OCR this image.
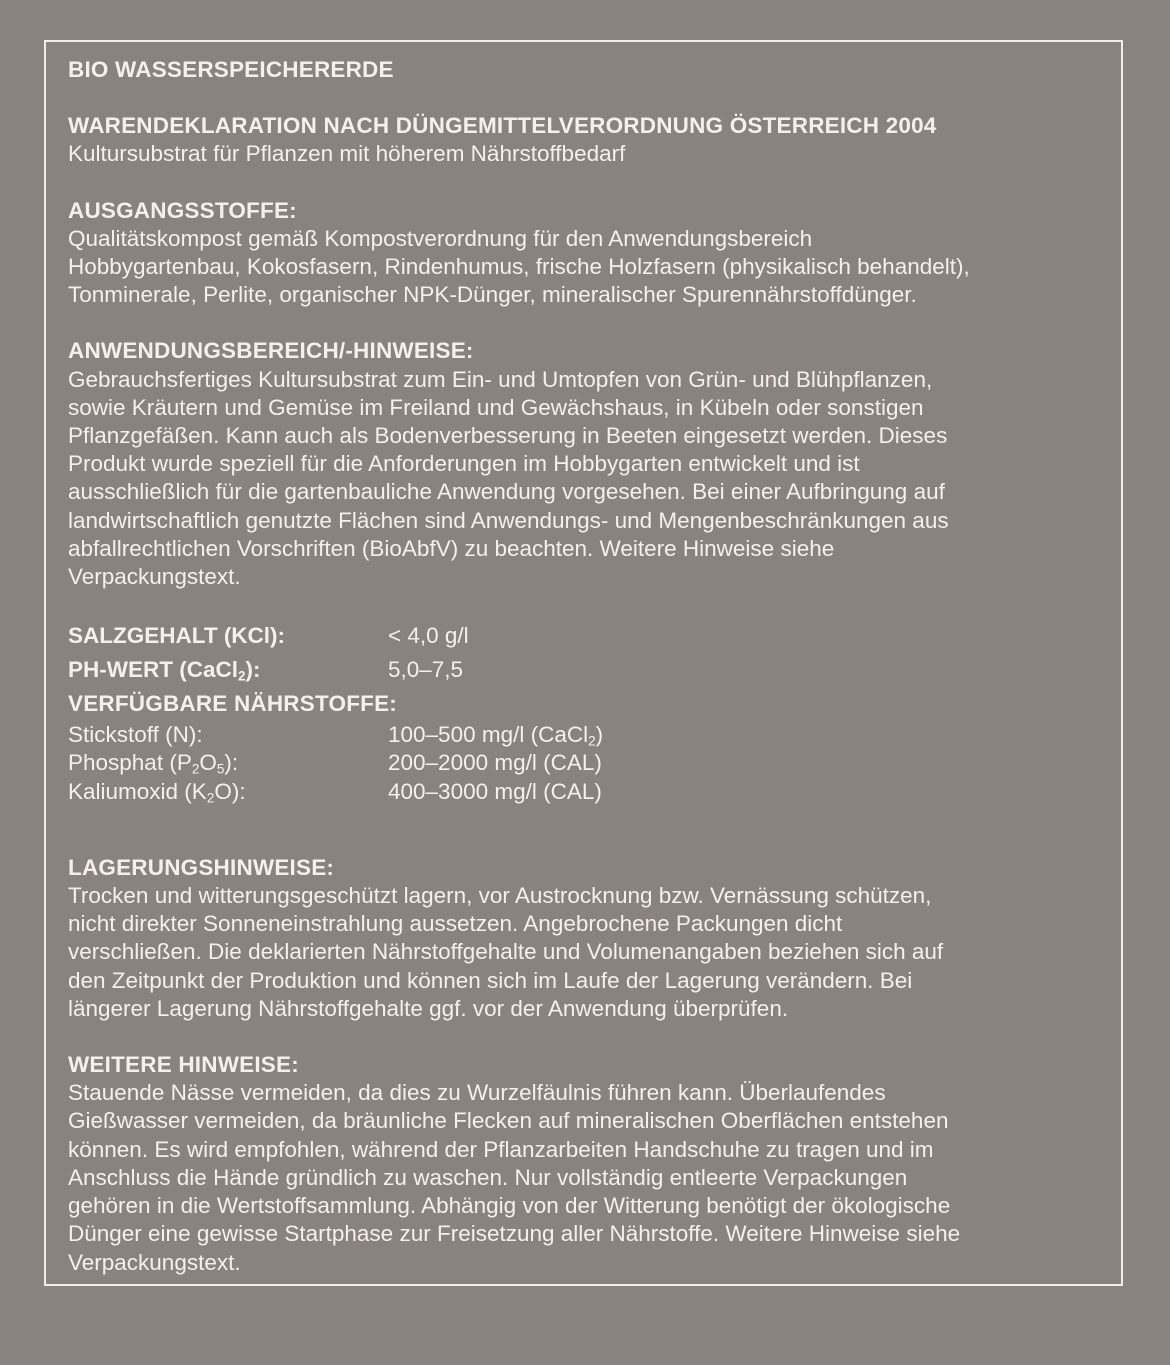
BIO WASSERSPEICHERERDE
WARENDEKLARATION NACH DÜNGEMITTELVERORDNUNG ÖSTERREICH 2004
Kultursubstrat für Pflanzen mit höherem Nährstoffbedarf
AUSGANGSSTOFFE:
Qualitätskompost gemäß Kompostverordnung für den Anwendungsbereich
Hobbygartenbau, Kokosfasern, Rindenhumus, frische Holzfasern (physikalisch behandelt),
Tonminerale, Perlite, organischer NPK-Dünger, mineralischer Spurennährstoffdünger.
ANWENDUNGSBEREICH/-HINWEISE:
Gebrauchsfertiges Kultursubstrat zum Ein- und Umtopfen von Grün- und Blühpflanzen,
sowie Kräutern und Gemüse im Freiland und Gewächshaus, in Kübeln oder sonstigen
Pflanzgefäßen. Kann auch als Bodenverbesserung in Beeten eingesetzt werden. Dieses
Produkt wurde speziell für die Anforderungen im Hobbygarten entwickelt und ist
ausschließlich für die gartenbauliche Anwendung vorgesehen. Bei einer Aufbringung auf
landwirtschaftlich genutzte Flächen sind Anwendungs- und Mengenbeschränkungen aus
abfallrechtlichen Vorschriften (BioAbfV) zu beachten. Weitere Hinweise siehe
Verpackungstext.
SALZGEHALT (KCl):	< 4,0 g/l
PH-WERT (CaCl$_2$):	5,0–7,5
VERFÜGBARE NÄHRSTOFFE:
Stickstoff (N):	100–500 mg/l (CaCl$_2$)
Phosphat $(P_2O_5)$:	200–2000 mg/l (CAL)
Kaliumoxid $(K_2O)$:	400–3000 mg/l (CAL)
LAGERUNGSHINWEISE:
Trocken und witterungsgeschützt lagern, vor Austrocknung bzw. Vernässung schützen,
nicht direkter Sonneneinstrahlung aussetzen. Angebrochene Packungen dicht
verschließen. Die deklarierten Nährstoffgehalte und Volumenangaben beziehen sich auf
den Zeitpunkt der Produktion und können sich im Laufe der Lagerung verändern. Bei
längerer Lagerung Nährstoffgehalte ggf. vor der Anwendung überprüfen.
WEITERE HINWEISE:
Stauende Nässe vermeiden, da dies zu Wurzelfäulnis führen kann. Überlaufendes
Gießwasser vermeiden, da bräunliche Flecken auf mineralischen Oberflächen entstehen
können. Es wird empfohlen, während der Pflanzarbeiten Handschuhe zu tragen und im
Anschluss die Hände gründlich zu waschen. Nur vollständig entleerte Verpackungen
gehören in die Wertstoffsammlung. Abhängig von der Witterung benötigt der ökologische
Dünger eine gewisse Startphase zur Freisetzung aller Nährstoffe. Weitere Hinweise siehe
Verpackungstext.
